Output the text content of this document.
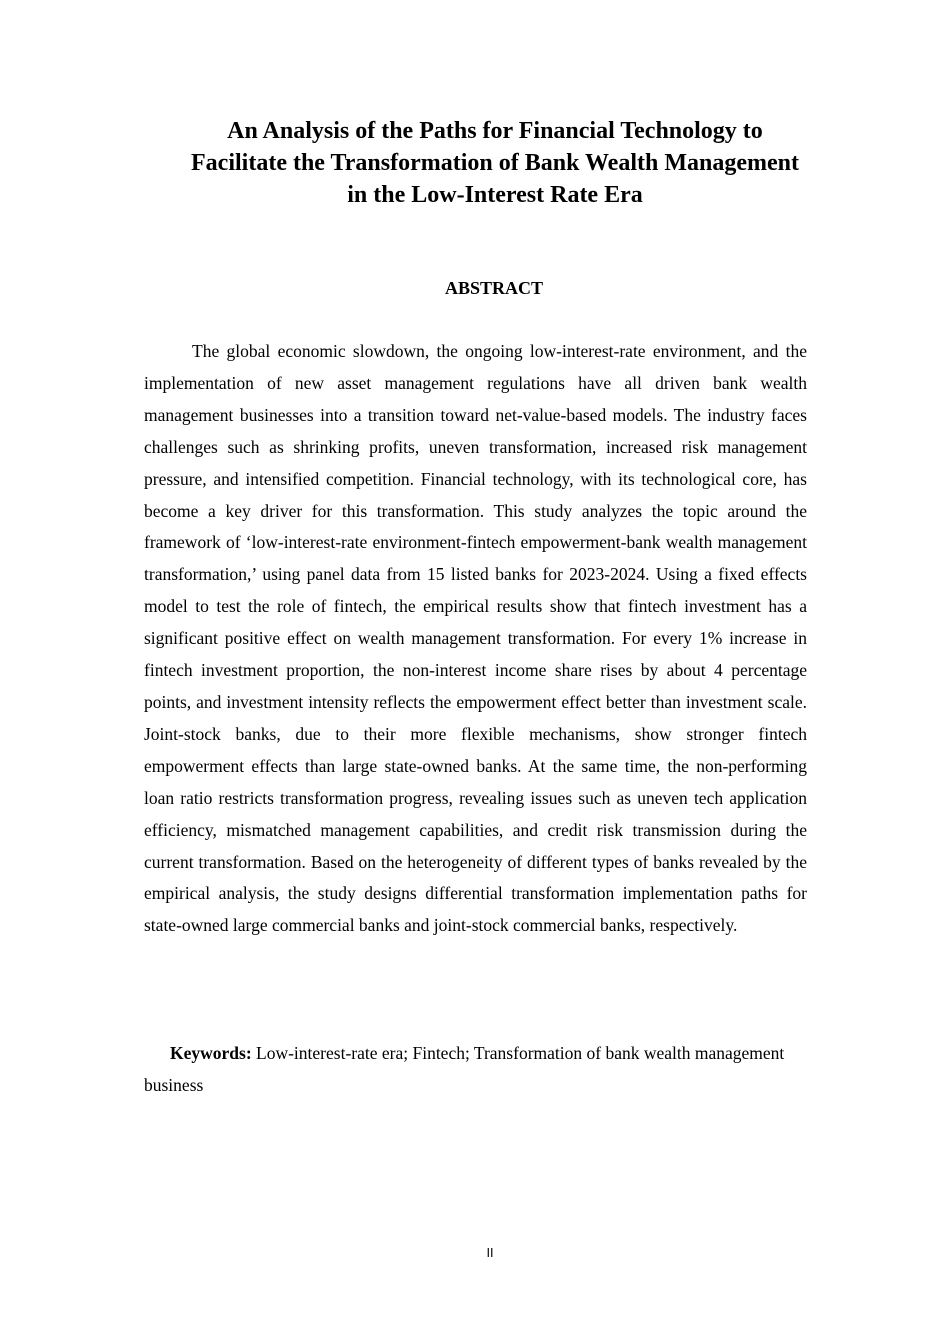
An Analysis of the Paths for Financial Technology to
Facilitate the Transformation of Bank Wealth Management
in the Low-Interest Rate Era
ABSTRACT

The global economic slowdown, the ongoing low-interest-rate environment, and the implementation of new asset management regulations have all driven bank wealth management businesses into a transition toward net-value-based models. The industry faces challenges such as shrinking profits, uneven transformation, increased risk management pressure, and intensified competition. Financial technology, with its technological core, has become a key driver for this transformation. This study analyzes the topic around the framework of ‘low-interest-rate environment-fintech empowerment-bank wealth management transformation,’ using panel data from 15 listed banks for 2023-2024. Using a fixed effects model to test the role of fintech, the empirical results show that fintech investment has a significant positive effect on wealth management transformation. For every 1% increase in fintech investment proportion, the non-interest income share rises by about 4 percentage points, and investment intensity reflects the empowerment effect better than investment scale. Joint-stock banks, due to their more flexible mechanisms, show stronger fintech empowerment effects than large state-owned banks. At the same time, the non-performing loan ratio restricts transformation progress, revealing issues such as uneven tech application efficiency, mismatched management capabilities, and credit risk transmission during the current transformation. Based on the heterogeneity of different types of banks revealed by the empirical analysis, the study designs differential transformation implementation paths for state-owned large commercial banks and joint-stock commercial banks, respectively.

Keywords: Low-interest-rate era; Fintech; Transformation of bank wealth management business

II
